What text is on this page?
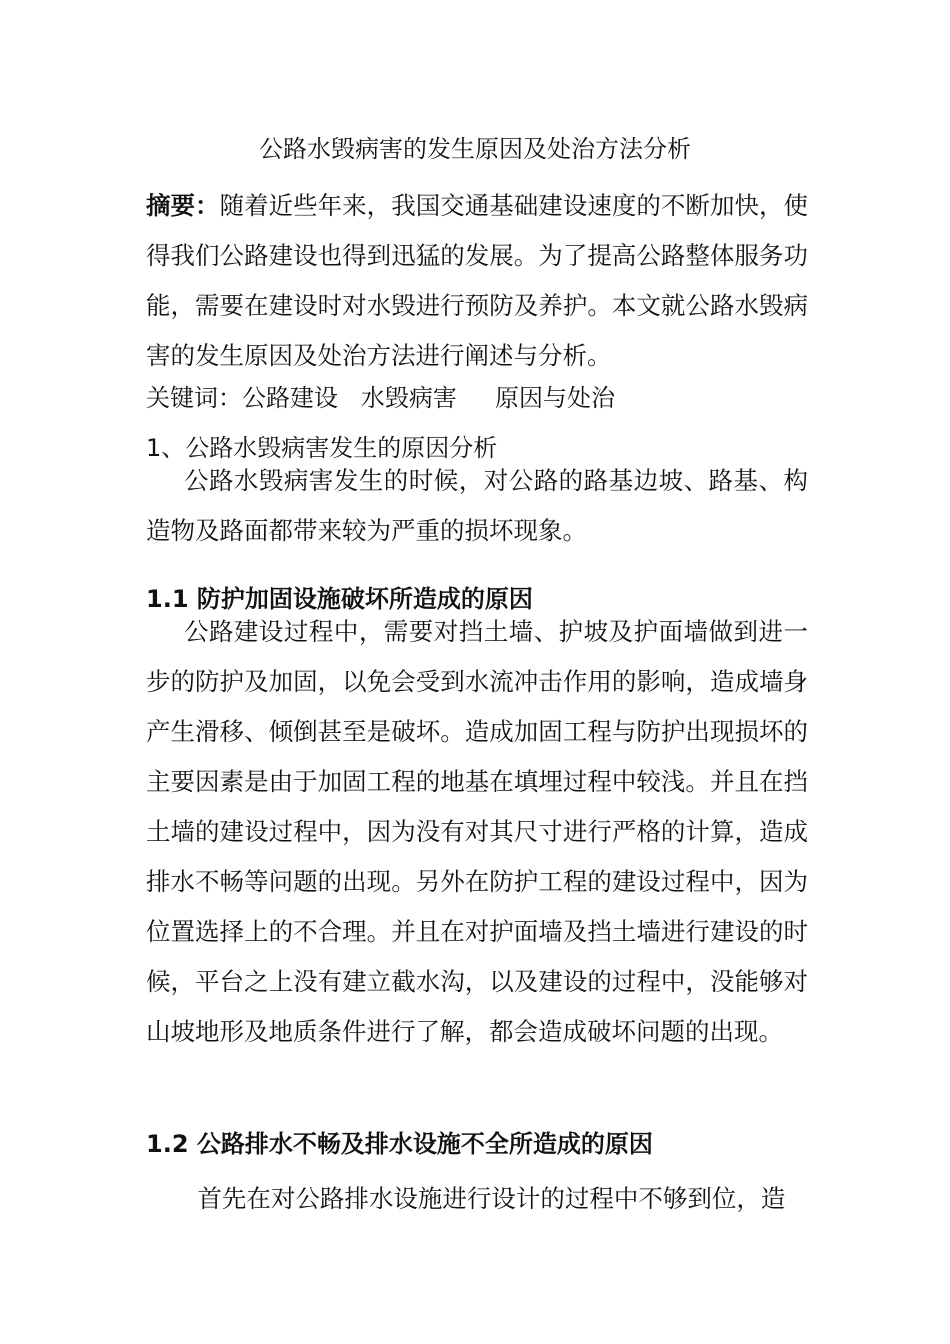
公路水毁病害的发生原因及处治方法分析
摘要：随着近些年来，我国交通基础建设速度的不断加快，使得我们公路建设也得到迅猛的发展。为了提高公路整体服务功能，需要在建设时对水毁进行预防及养护。本文就公路水毁病害的发生原因及处治方法进行阐述与分析。
关键词：公路建设   水毁病害     原因与处治
1、公路水毁病害发生的原因分析
公路水毁病害发生的时候，对公路的路基边坡、路基、构造物及路面都带来较为严重的损坏现象。
1.1 防护加固设施破坏所造成的原因
公路建设过程中，需要对挡土墙、护坡及护面墙做到进一步的防护及加固，以免会受到水流冲击作用的影响，造成墙身产生滑移、倾倒甚至是破坏。造成加固工程与防护出现损坏的主要因素是由于加固工程的地基在填埋过程中较浅。并且在挡土墙的建设过程中，因为没有对其尺寸进行严格的计算，造成排水不畅等问题的出现。另外在防护工程的建设过程中，因为位置选择上的不合理。并且在对护面墙及挡土墙进行建设的时候，平台之上没有建立截水沟，以及建设的过程中，没能够对山坡地形及地质条件进行了解，都会造成破坏问题的出现。
1.2 公路排水不畅及排水设施不全所造成的原因
首先在对公路排水设施进行设计的过程中不够到位，造
